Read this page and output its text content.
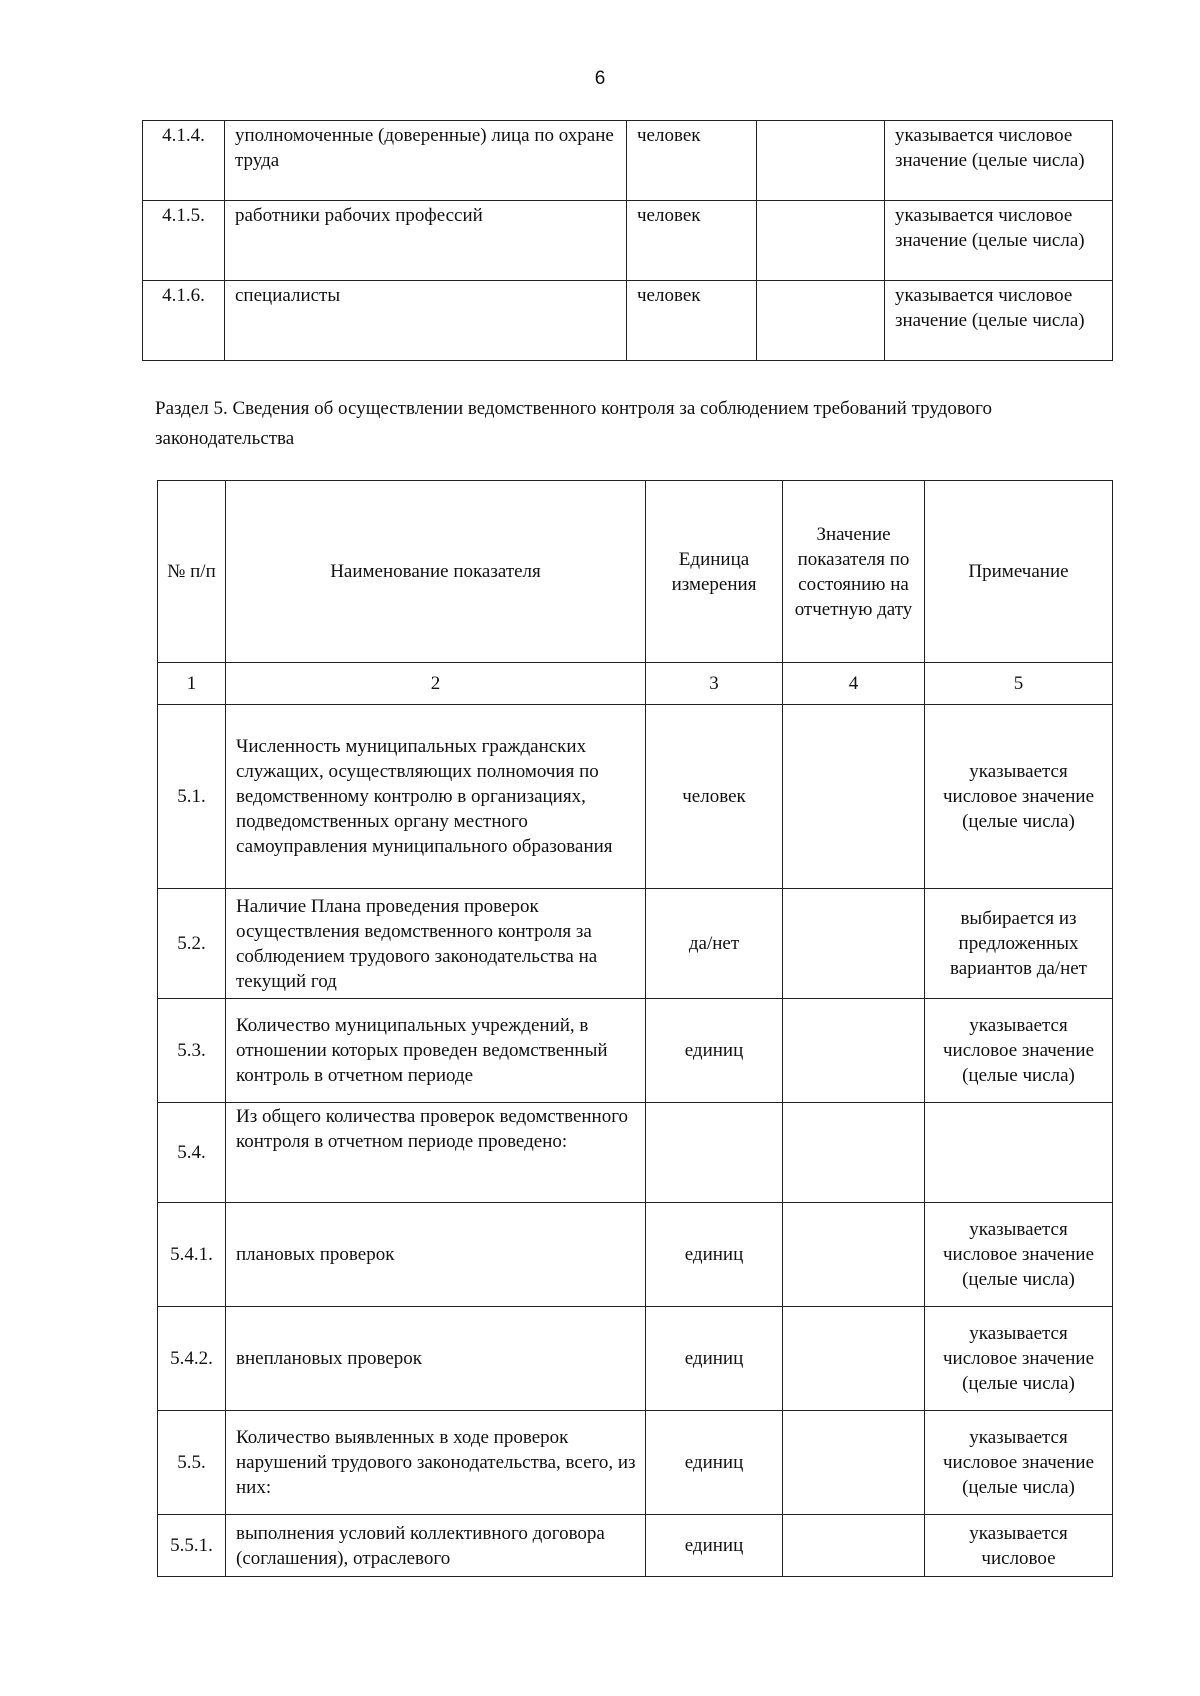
6
4.1.4.	уполномоченные (доверенные) лица по охране труда	человек		указывается числовое значение (целые числа)
4.1.5.	работники рабочих профессий	человек		указывается числовое значение (целые числа)
4.1.6.	специалисты	человек		указывается числовое значение (целые числа)
Раздел 5. Сведения об осуществлении ведомственного контроля за соблюдением требований трудового законодательства
№ п/п	Наименование показателя	Единица измерения	Значение показателя по состоянию на отчетную дату	Примечание
1	2	3	4	5
5.1.	Численность муниципальных гражданских служащих, осуществляющих полномочия по ведомственному контролю в организациях, подведомственных органу местного самоуправления муниципального образования	человек		указывается числовое значение (целые числа)
5.2.	Наличие Плана проведения проверок осуществления ведомственного контроля за соблюдением трудового законодательства на текущий год	да/нет		выбирается из предложенных вариантов да/нет
5.3.	Количество муниципальных учреждений, в отношении которых проведен ведомственный контроль в отчетном периоде	единиц		указывается числовое значение (целые числа)
5.4.	Из общего количества проверок ведомственного контроля в отчетном периоде проведено:			
5.4.1.	плановых проверок	единиц		указывается числовое значение (целые числа)
5.4.2.	внеплановых проверок	единиц		указывается числовое значение (целые числа)
5.5.	Количество выявленных в ходе проверок нарушений трудового законодательства, всего, из них:	единиц		указывается числовое значение (целые числа)
5.5.1.	выполнения условий коллективного договора (соглашения), отраслевого	единиц		указывается числовое
